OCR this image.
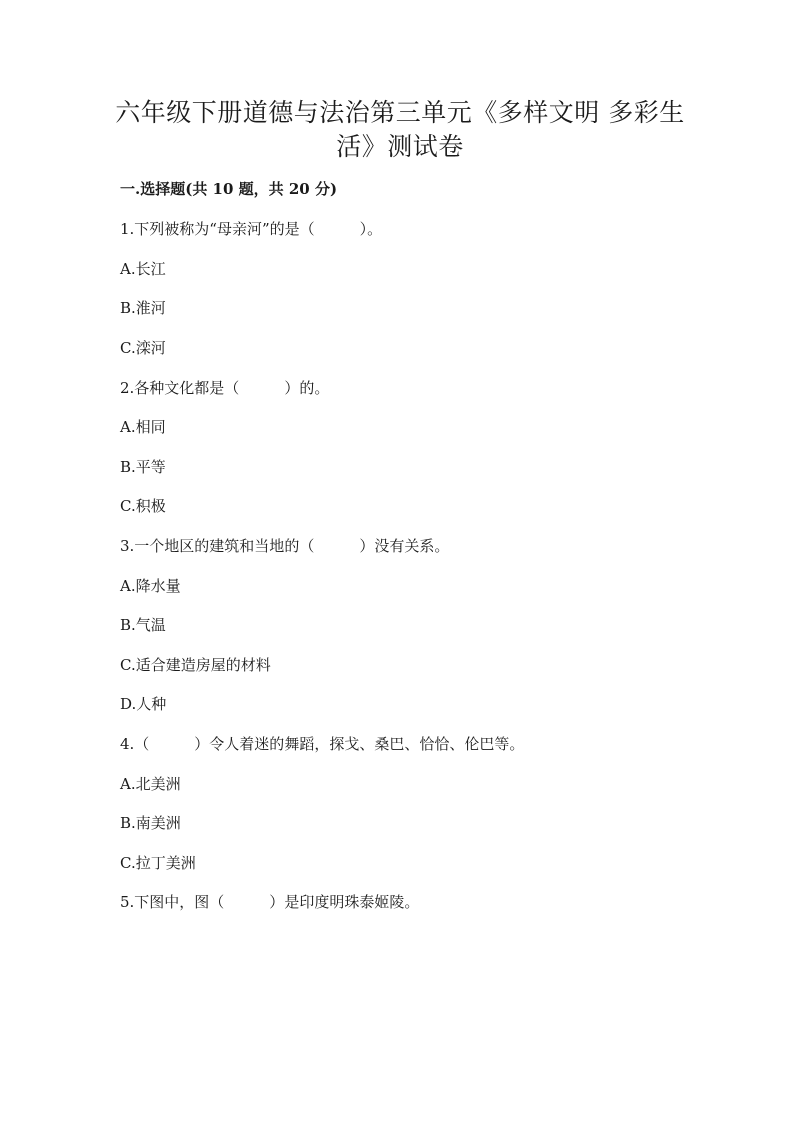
六年级下册道德与法治第三单元《多样文明 多彩生
活》测试卷
一.选择题(共 10 题，共 20 分)
1.下列被称为“母亲河”的是（　　　）。
A.长江
B.淮河
C.滦河
2.各种文化都是（　　　）的。
A.相同
B.平等
C.积极
3.一个地区的建筑和当地的（　　　）没有关系。
A.降水量
B.气温
C.适合建造房屋的材料
D.人种
4.（　　　）令人着迷的舞蹈，探戈、桑巴、恰恰、伦巴等。
A.北美洲
B.南美洲
C.拉丁美洲
5.下图中，图（　　　）是印度明珠泰姬陵。
